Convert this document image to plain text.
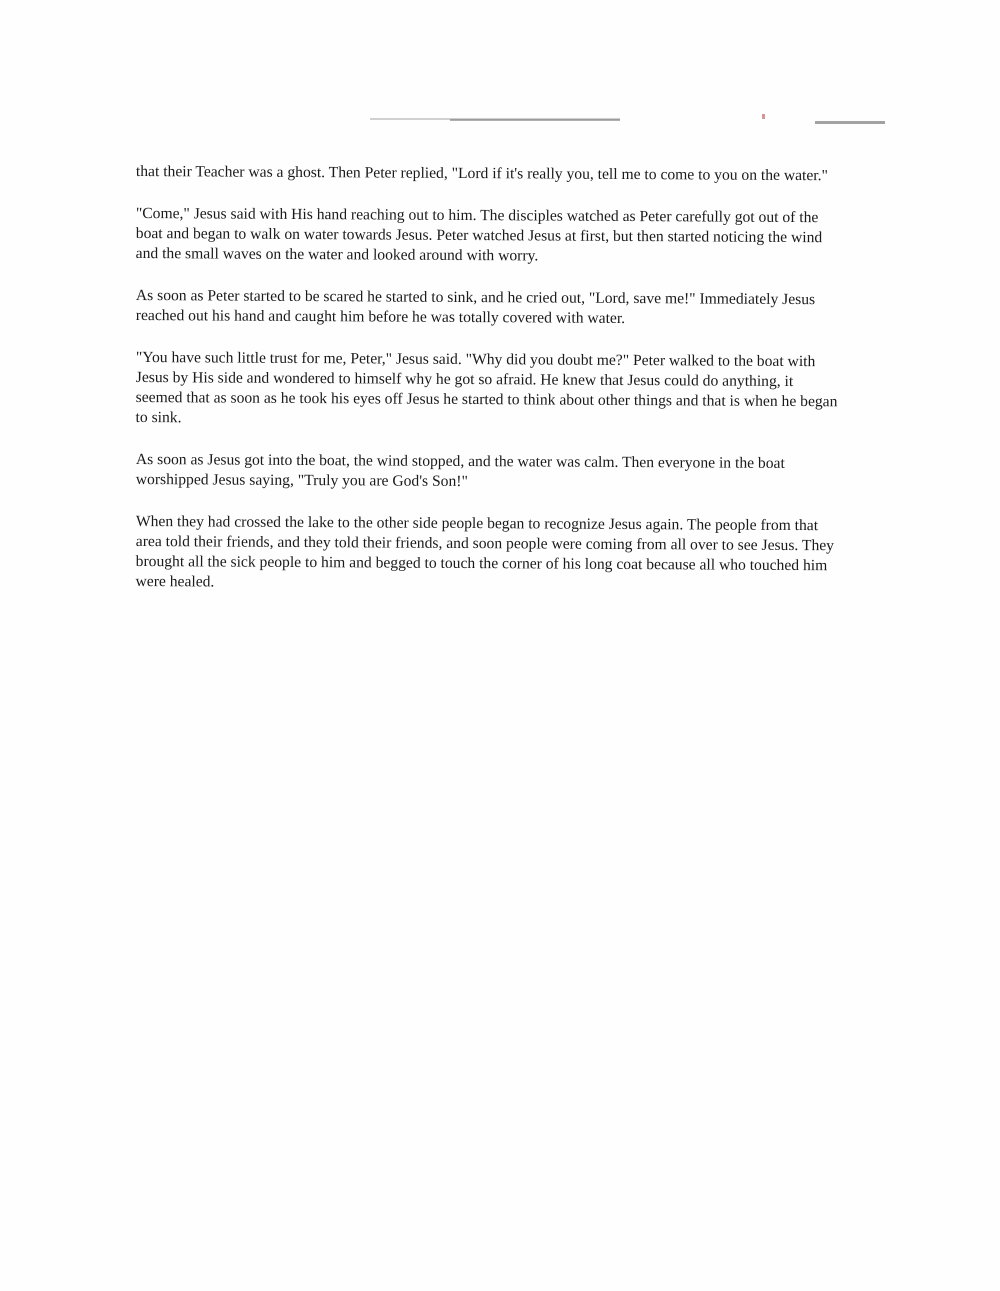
that their Teacher was a ghost. Then Peter replied, "Lord if it's really you, tell me to come to you on the water."

"Come," Jesus said with His hand reaching out to him. The disciples watched as Peter carefully got out of the boat and began to walk on water towards Jesus. Peter watched Jesus at first, but then started noticing the wind and the small waves on the water and looked around with worry.

As soon as Peter started to be scared he started to sink, and he cried out, "Lord, save me!" Immediately Jesus reached out his hand and caught him before he was totally covered with water.

"You have such little trust for me, Peter," Jesus said. "Why did you doubt me?" Peter walked to the boat with Jesus by His side and wondered to himself why he got so afraid. He knew that Jesus could do anything, it seemed that as soon as he took his eyes off Jesus he started to think about other things and that is when he began to sink.

As soon as Jesus got into the boat, the wind stopped, and the water was calm. Then everyone in the boat worshipped Jesus saying, "Truly you are God's Son!"

When they had crossed the lake to the other side people began to recognize Jesus again. The people from that area told their friends, and they told their friends, and soon people were coming from all over to see Jesus. They brought all the sick people to him and begged to touch the corner of his long coat because all who touched him were healed.
